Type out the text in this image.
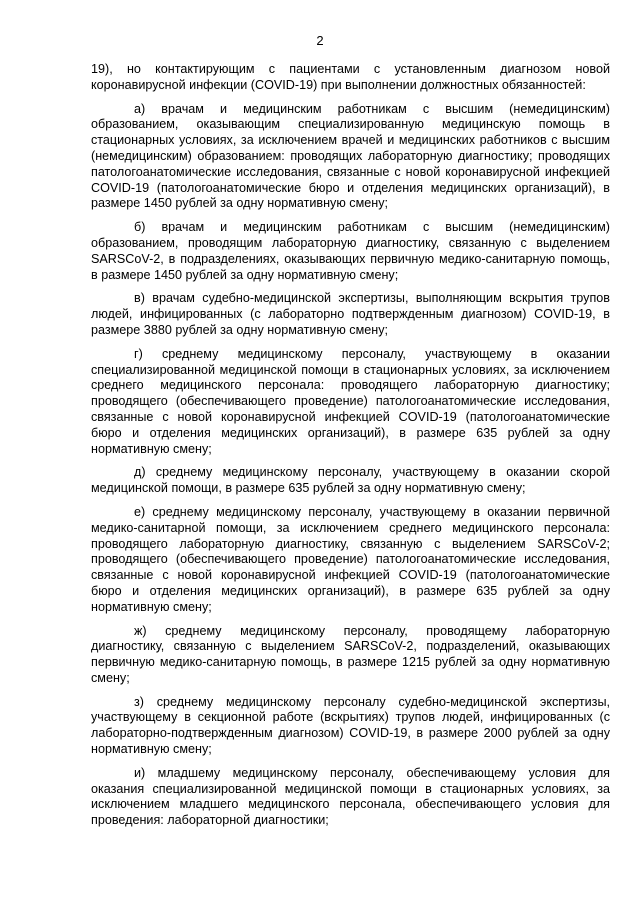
2

19), но контактирующим с пациентами с установленным диагнозом новой коронавирусной инфекции (COVID-19) при выполнении должностных обязанностей:

а) врачам и медицинским работникам с высшим (немедицинским) образованием, оказывающим специализированную медицинскую помощь в стационарных условиях, за исключением врачей и медицинских работников с высшим (немедицинским) образованием: проводящих лабораторную диагностику; проводящих патологоанатомические исследования, связанные с новой коронавирусной инфекцией COVID-19 (патологоанатомические бюро и отделения медицинских организаций), в размере 1450 рублей за одну нормативную смену;

б) врачам и медицинским работникам с высшим (немедицинским) образованием, проводящим лабораторную диагностику, связанную с выделением SARSCoV-2, в подразделениях, оказывающих первичную медико-санитарную помощь, в размере 1450 рублей за одну нормативную смену;

в) врачам судебно-медицинской экспертизы, выполняющим вскрытия трупов людей, инфицированных (с лабораторно подтвержденным диагнозом) COVID-19, в размере 3880 рублей за одну нормативную смену;

г) среднему медицинскому персоналу, участвующему в оказании специализированной медицинской помощи в стационарных условиях, за исключением среднего медицинского персонала: проводящего лабораторную диагностику; проводящего (обеспечивающего проведение) патологоанатомические исследования, связанные с новой коронавирусной инфекцией COVID-19 (патологоанатомические бюро и отделения медицинских организаций), в размере 635 рублей за одну нормативную смену;

д) среднему медицинскому персоналу, участвующему в оказании скорой медицинской помощи, в размере 635 рублей за одну нормативную смену;

е) среднему медицинскому персоналу, участвующему в оказании первичной медико-санитарной помощи, за исключением среднего медицинского персонала: проводящего лабораторную диагностику, связанную с выделением SARSCoV-2; проводящего (обеспечивающего проведение) патологоанатомические исследования, связанные с новой коронавирусной инфекцией COVID-19 (патологоанатомические бюро и отделения медицинских организаций), в размере 635 рублей за одну нормативную смену;

ж) среднему медицинскому персоналу, проводящему лабораторную диагностику, связанную с выделением SARSCoV-2, подразделений, оказывающих первичную медико-санитарную помощь, в размере 1215 рублей за одну нормативную смену;

з) среднему медицинскому персоналу судебно-медицинской экспертизы, участвующему в секционной работе (вскрытиях) трупов людей, инфицированных (с лабораторно-подтвержденным диагнозом) COVID-19, в размере 2000 рублей за одну нормативную смену;

и) младшему медицинскому персоналу, обеспечивающему условия для оказания специализированной медицинской помощи в стационарных условиях, за исключением младшего медицинского персонала, обеспечивающего условия для проведения: лабораторной диагностики;
